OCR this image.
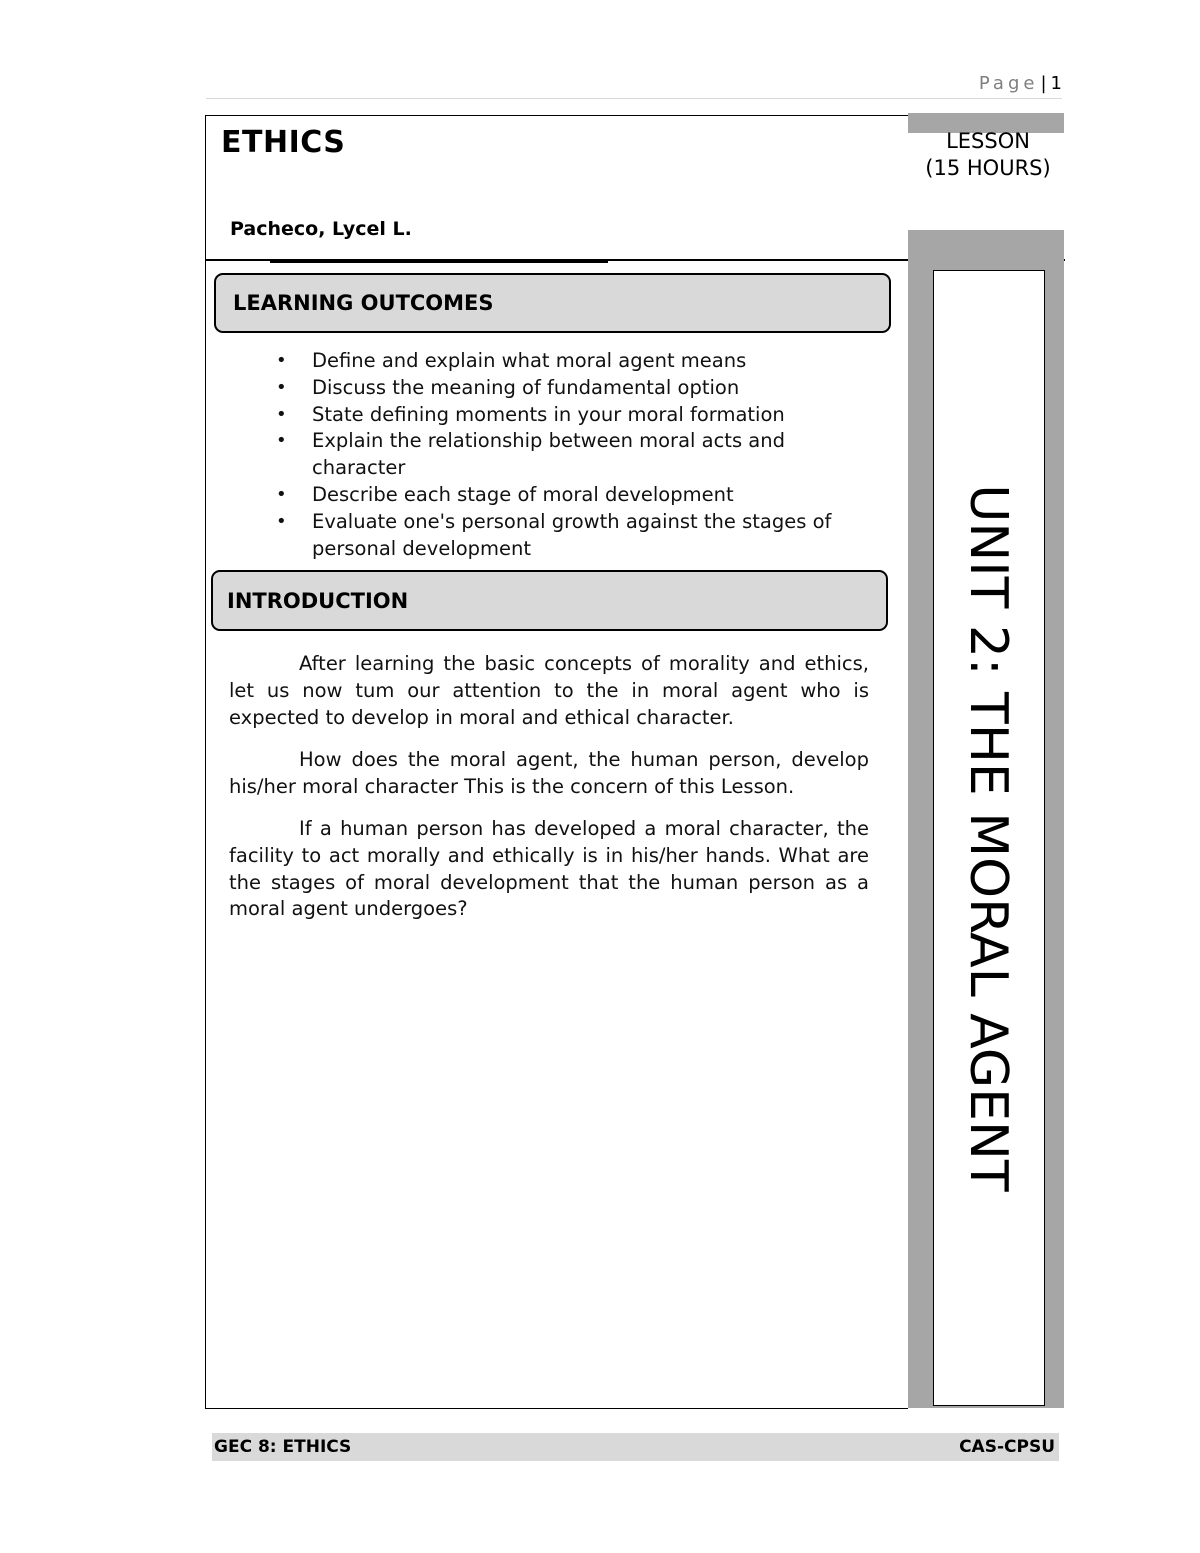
Page | 1
ETHICS
Pacheco, Lycel L.
LESSON
(15 HOURS)
UNIT 2: THE MORAL AGENT
LEARNING OUTCOMES
• Define and explain what moral agent means
• Discuss the meaning of fundamental option
• State defining moments in your moral formation
• Explain the relationship between moral acts and character
• Describe each stage of moral development
• Evaluate one's personal growth against the stages of personal development
INTRODUCTION

After learning the basic concepts of morality and ethics, let us now tum our attention to the in moral agent who is expected to develop in moral and ethical character.

How does the moral agent, the human person, develop his/her moral character This is the concern of this Lesson.

If a human person has developed a moral character, the facility to act morally and ethically is in his/her hands. What are the stages of moral development that the human person as a moral agent undergoes?

GEC 8: ETHICS	CAS-CPSU
